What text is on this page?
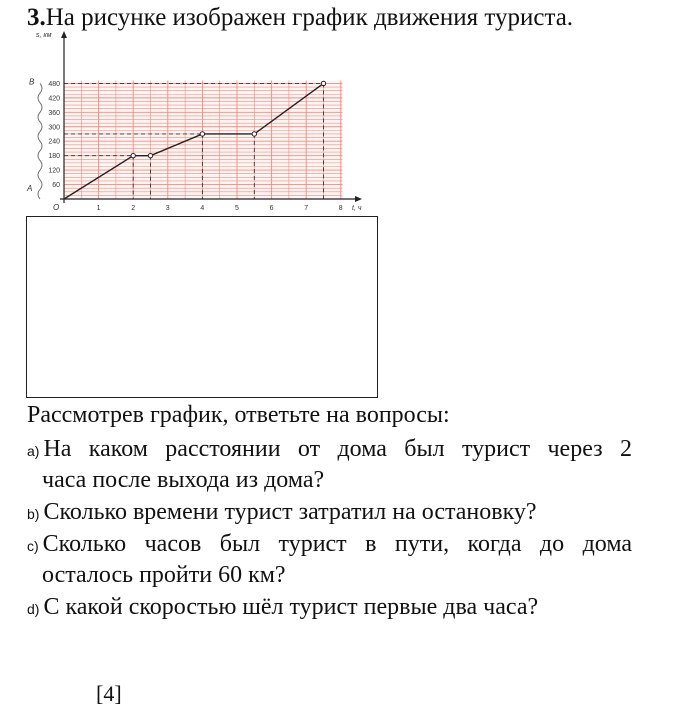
3.На рисунке изображен график движения туриста.
1	2	3	4	5	6	7	8
60
120
180
240
300
360
420
480
s, км
t, ч
O
A
B
Рассмотрев график, ответьте на вопросы:
a) На каком расстоянии от дома был турист через 2
часа после выхода из дома?
b) Сколько времени турист затратил на остановку?
c) Сколько часов был турист в пути, когда до дома
осталось пройти 60 км?
d) С какой скоростью шёл турист первые два часа?
[4]
